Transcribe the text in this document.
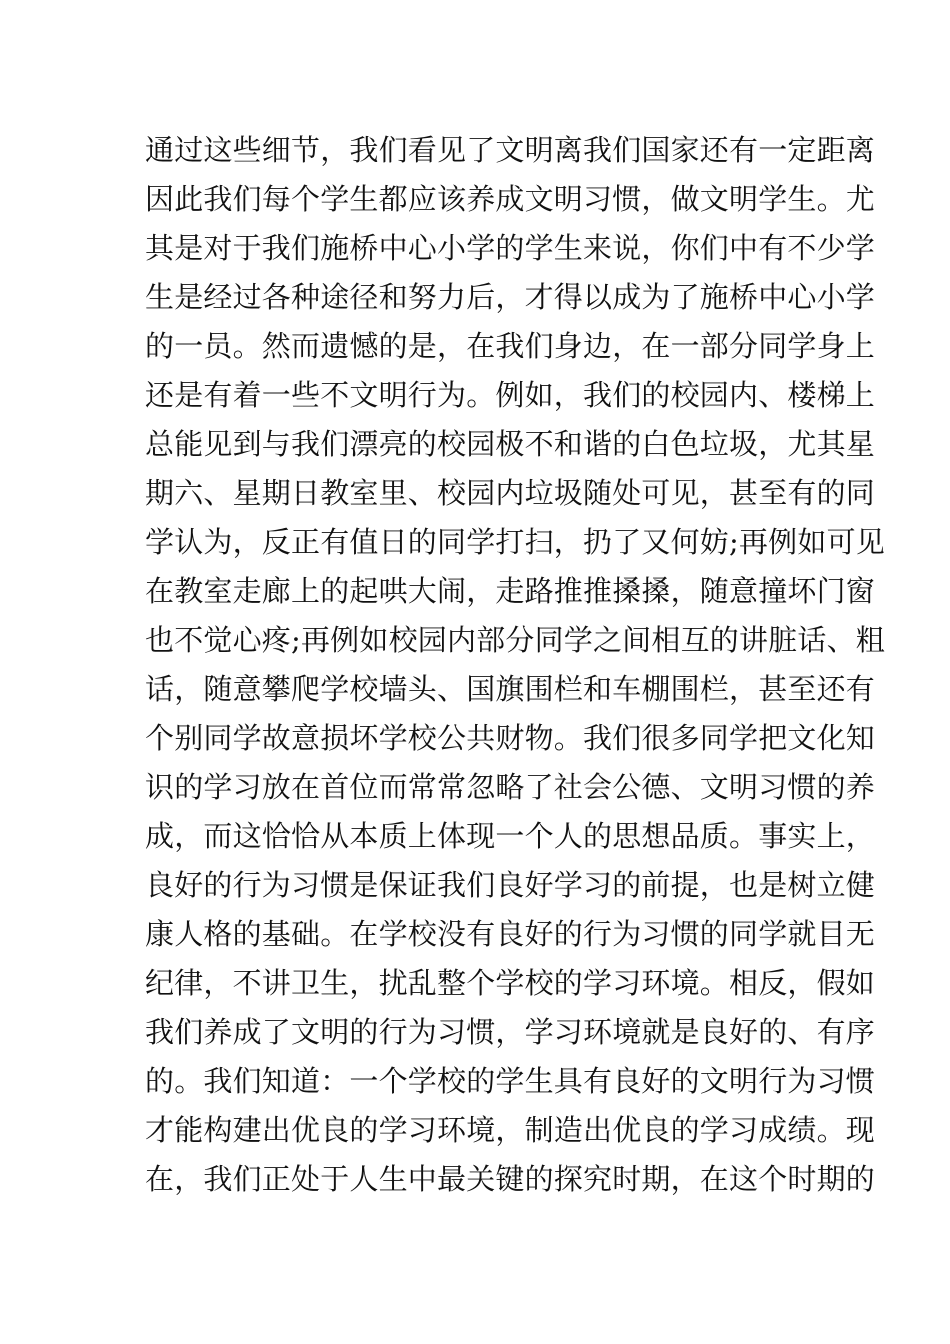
通过这些细节，我们看见了文明离我们国家还有一定距离
因此我们每个学生都应该养成文明习惯，做文明学生。尤
其是对于我们施桥中心小学的学生来说，你们中有不少学
生是经过各种途径和努力后，才得以成为了施桥中心小学
的一员。然而遗憾的是，在我们身边，在一部分同学身上
还是有着一些不文明行为。例如，我们的校园内、楼梯上
总能见到与我们漂亮的校园极不和谐的白色垃圾，尤其星
期六、星期日教室里、校园内垃圾随处可见，甚至有的同
学认为，反正有值日的同学打扫，扔了又何妨;再例如可见
在教室走廊上的起哄大闹，走路推推搡搡，随意撞坏门窗
也不觉心疼;再例如校园内部分同学之间相互的讲脏话、粗
话，随意攀爬学校墙头、国旗围栏和车棚围栏，甚至还有
个别同学故意损坏学校公共财物。我们很多同学把文化知
识的学习放在首位而常常忽略了社会公德、文明习惯的养
成，而这恰恰从本质上体现一个人的思想品质。事实上，
良好的行为习惯是保证我们良好学习的前提，也是树立健
康人格的基础。在学校没有良好的行为习惯的同学就目无
纪律，不讲卫生，扰乱整个学校的学习环境。相反，假如
我们养成了文明的行为习惯，学习环境就是良好的、有序
的。我们知道：一个学校的学生具有良好的文明行为习惯
才能构建出优良的学习环境，制造出优良的学习成绩。现
在，我们正处于人生中最关键的探究时期，在这个时期的
